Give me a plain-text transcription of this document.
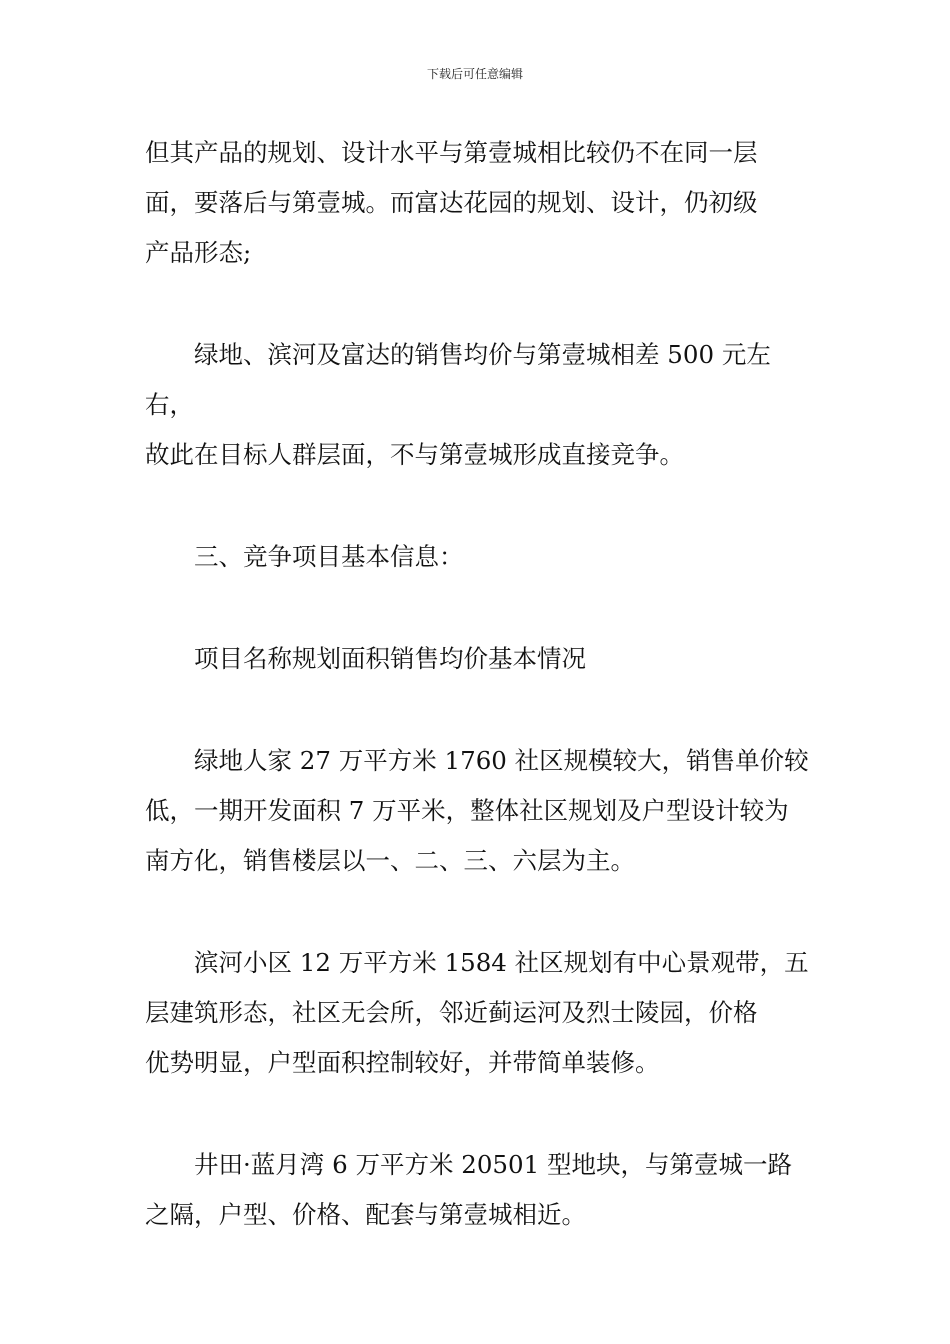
下载后可任意编辑
但其产品的规划、设计水平与第壹城相比较仍不在同一层
面，要落后与第壹城。而富达花园的规划、设计，仍初级
产品形态;
绿地、滨河及富达的销售均价与第壹城相差 500 元左右，
故此在目标人群层面，不与第壹城形成直接竞争。
三、竞争项目基本信息：
项目名称规划面积销售均价基本情况
绿地人家 27 万平方米 1760 社区规模较大，销售单价较
低，一期开发面积 7 万平米，整体社区规划及户型设计较为
南方化，销售楼层以一、二、三、六层为主。
滨河小区 12 万平方米 1584 社区规划有中心景观带，五
层建筑形态，社区无会所，邻近蓟运河及烈士陵园，价格
优势明显，户型面积控制较好，并带简单装修。
井田·蓝月湾 6 万平方米 20501 型地块，与第壹城一路
之隔，户型、价格、配套与第壹城相近。
